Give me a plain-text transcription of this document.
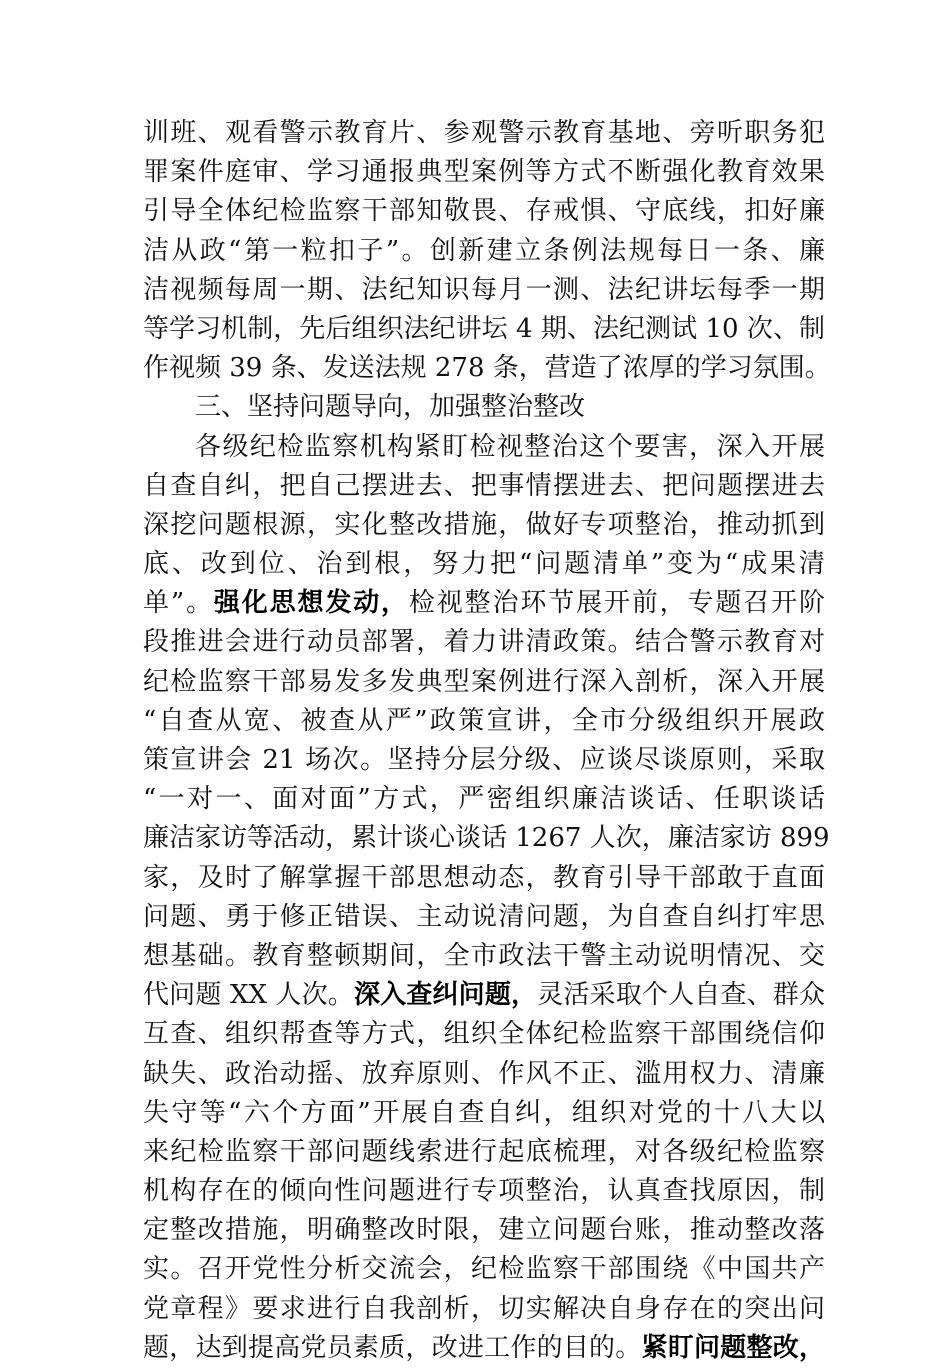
训班、观看警示教育片、参观警示教育基地、旁听职务犯
罪案件庭审、学习通报典型案例等方式不断强化教育效果
引导全体纪检监察干部知敬畏、存戒惧、守底线，扣好廉
洁从政“第一粒扣子”。创新建立条例法规每日一条、廉
洁视频每周一期、法纪知识每月一测、法纪讲坛每季一期
等学习机制，先后组织法纪讲坛 4 期、法纪测试 10 次、制
作视频 39 条、发送法规 278 条，营造了浓厚的学习氛围。
三、坚持问题导向，加强整治整改
各级纪检监察机构紧盯检视整治这个要害，深入开展
自查自纠，把自己摆进去、把事情摆进去、把问题摆进去
深挖问题根源，实化整改措施，做好专项整治，推动抓到
底、改到位、治到根，努力把“问题清单”变为“成果清
单”。强化思想发动，检视整治环节展开前，专题召开阶
段推进会进行动员部署，着力讲清政策。结合警示教育对
纪检监察干部易发多发典型案例进行深入剖析，深入开展
“自查从宽、被查从严”政策宣讲，全市分级组织开展政
策宣讲会 21 场次。坚持分层分级、应谈尽谈原则，采取
“一对一、面对面”方式，严密组织廉洁谈话、任职谈话
廉洁家访等活动，累计谈心谈话 1267 人次，廉洁家访 899
家，及时了解掌握干部思想动态，教育引导干部敢于直面
问题、勇于修正错误、主动说清问题，为自查自纠打牢思
想基础。教育整顿期间，全市政法干警主动说明情况、交
代问题 XX 人次。深入查纠问题，灵活采取个人自查、群众
互查、组织帮查等方式，组织全体纪检监察干部围绕信仰
缺失、政治动摇、放弃原则、作风不正、滥用权力、清廉
失守等“六个方面”开展自查自纠，组织对党的十八大以
来纪检监察干部问题线索进行起底梳理，对各级纪检监察
机构存在的倾向性问题进行专项整治，认真查找原因，制
定整改措施，明确整改时限，建立问题台账，推动整改落
实。召开党性分析交流会，纪检监察干部围绕《中国共产
党章程》要求进行自我剖析，切实解决自身存在的突出问
题，达到提高党员素质，改进工作的目的。紧盯问题整改，
